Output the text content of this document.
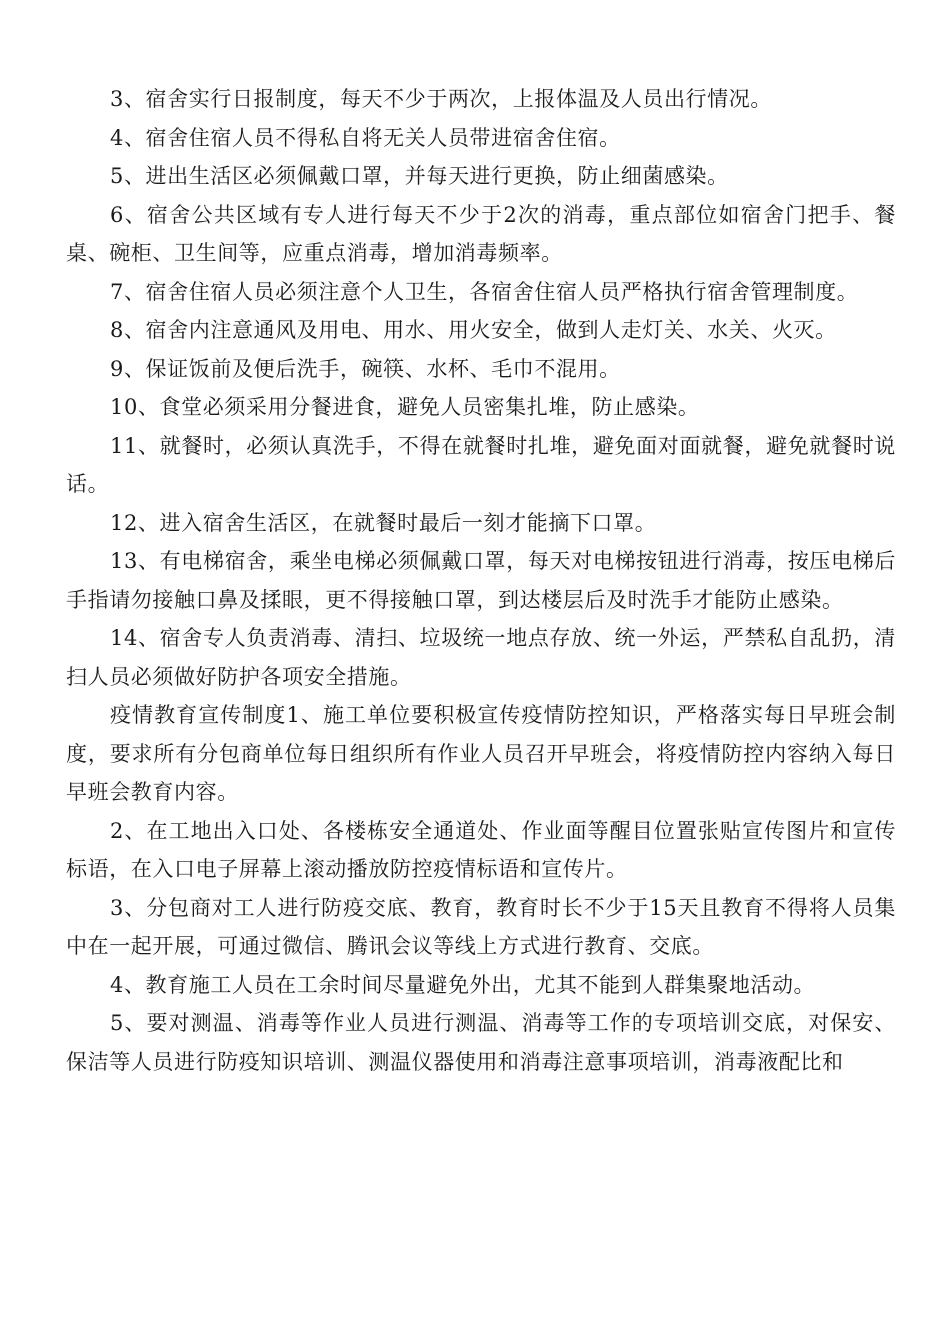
3、宿舍实行日报制度，每天不少于两次，上报体温及人员出行情况。

4、宿舍住宿人员不得私自将无关人员带进宿舍住宿。

5、进出生活区必须佩戴口罩，并每天进行更换，防止细菌感染。

6、宿舍公共区域有专人进行每天不少于2次的消毒，重点部位如宿舍门把手、餐桌、碗柜、卫生间等，应重点消毒，增加消毒频率。

7、宿舍住宿人员必须注意个人卫生，各宿舍住宿人员严格执行宿舍管理制度。

8、宿舍内注意通风及用电、用水、用火安全，做到人走灯关、水关、火灭。

9、保证饭前及便后洗手，碗筷、水杯、毛巾不混用。

10、食堂必须采用分餐进食，避免人员密集扎堆，防止感染。

11、就餐时，必须认真洗手，不得在就餐时扎堆，避免面对面就餐，避免就餐时说话。

12、进入宿舍生活区，在就餐时最后一刻才能摘下口罩。

13、有电梯宿舍，乘坐电梯必须佩戴口罩，每天对电梯按钮进行消毒，按压电梯后手指请勿接触口鼻及揉眼，更不得接触口罩，到达楼层后及时洗手才能防止感染。

14、宿舍专人负责消毒、清扫、垃圾统一地点存放、统一外运，严禁私自乱扔，清扫人员必须做好防护各项安全措施。

疫情教育宣传制度1、施工单位要积极宣传疫情防控知识，严格落实每日早班会制度，要求所有分包商单位每日组织所有作业人员召开早班会，将疫情防控内容纳入每日早班会教育内容。

2、在工地出入口处、各楼栋安全通道处、作业面等醒目位置张贴宣传图片和宣传标语，在入口电子屏幕上滚动播放防控疫情标语和宣传片。

3、分包商对工人进行防疫交底、教育，教育时长不少于15天且教育不得将人员集中在一起开展，可通过微信、腾讯会议等线上方式进行教育、交底。

4、教育施工人员在工余时间尽量避免外出，尤其不能到人群集聚地活动。

5、要对测温、消毒等作业人员进行测温、消毒等工作的专项培训交底，对保安、保洁等人员进行防疫知识培训、测温仪器使用和消毒注意事项培训，消毒液配比和
